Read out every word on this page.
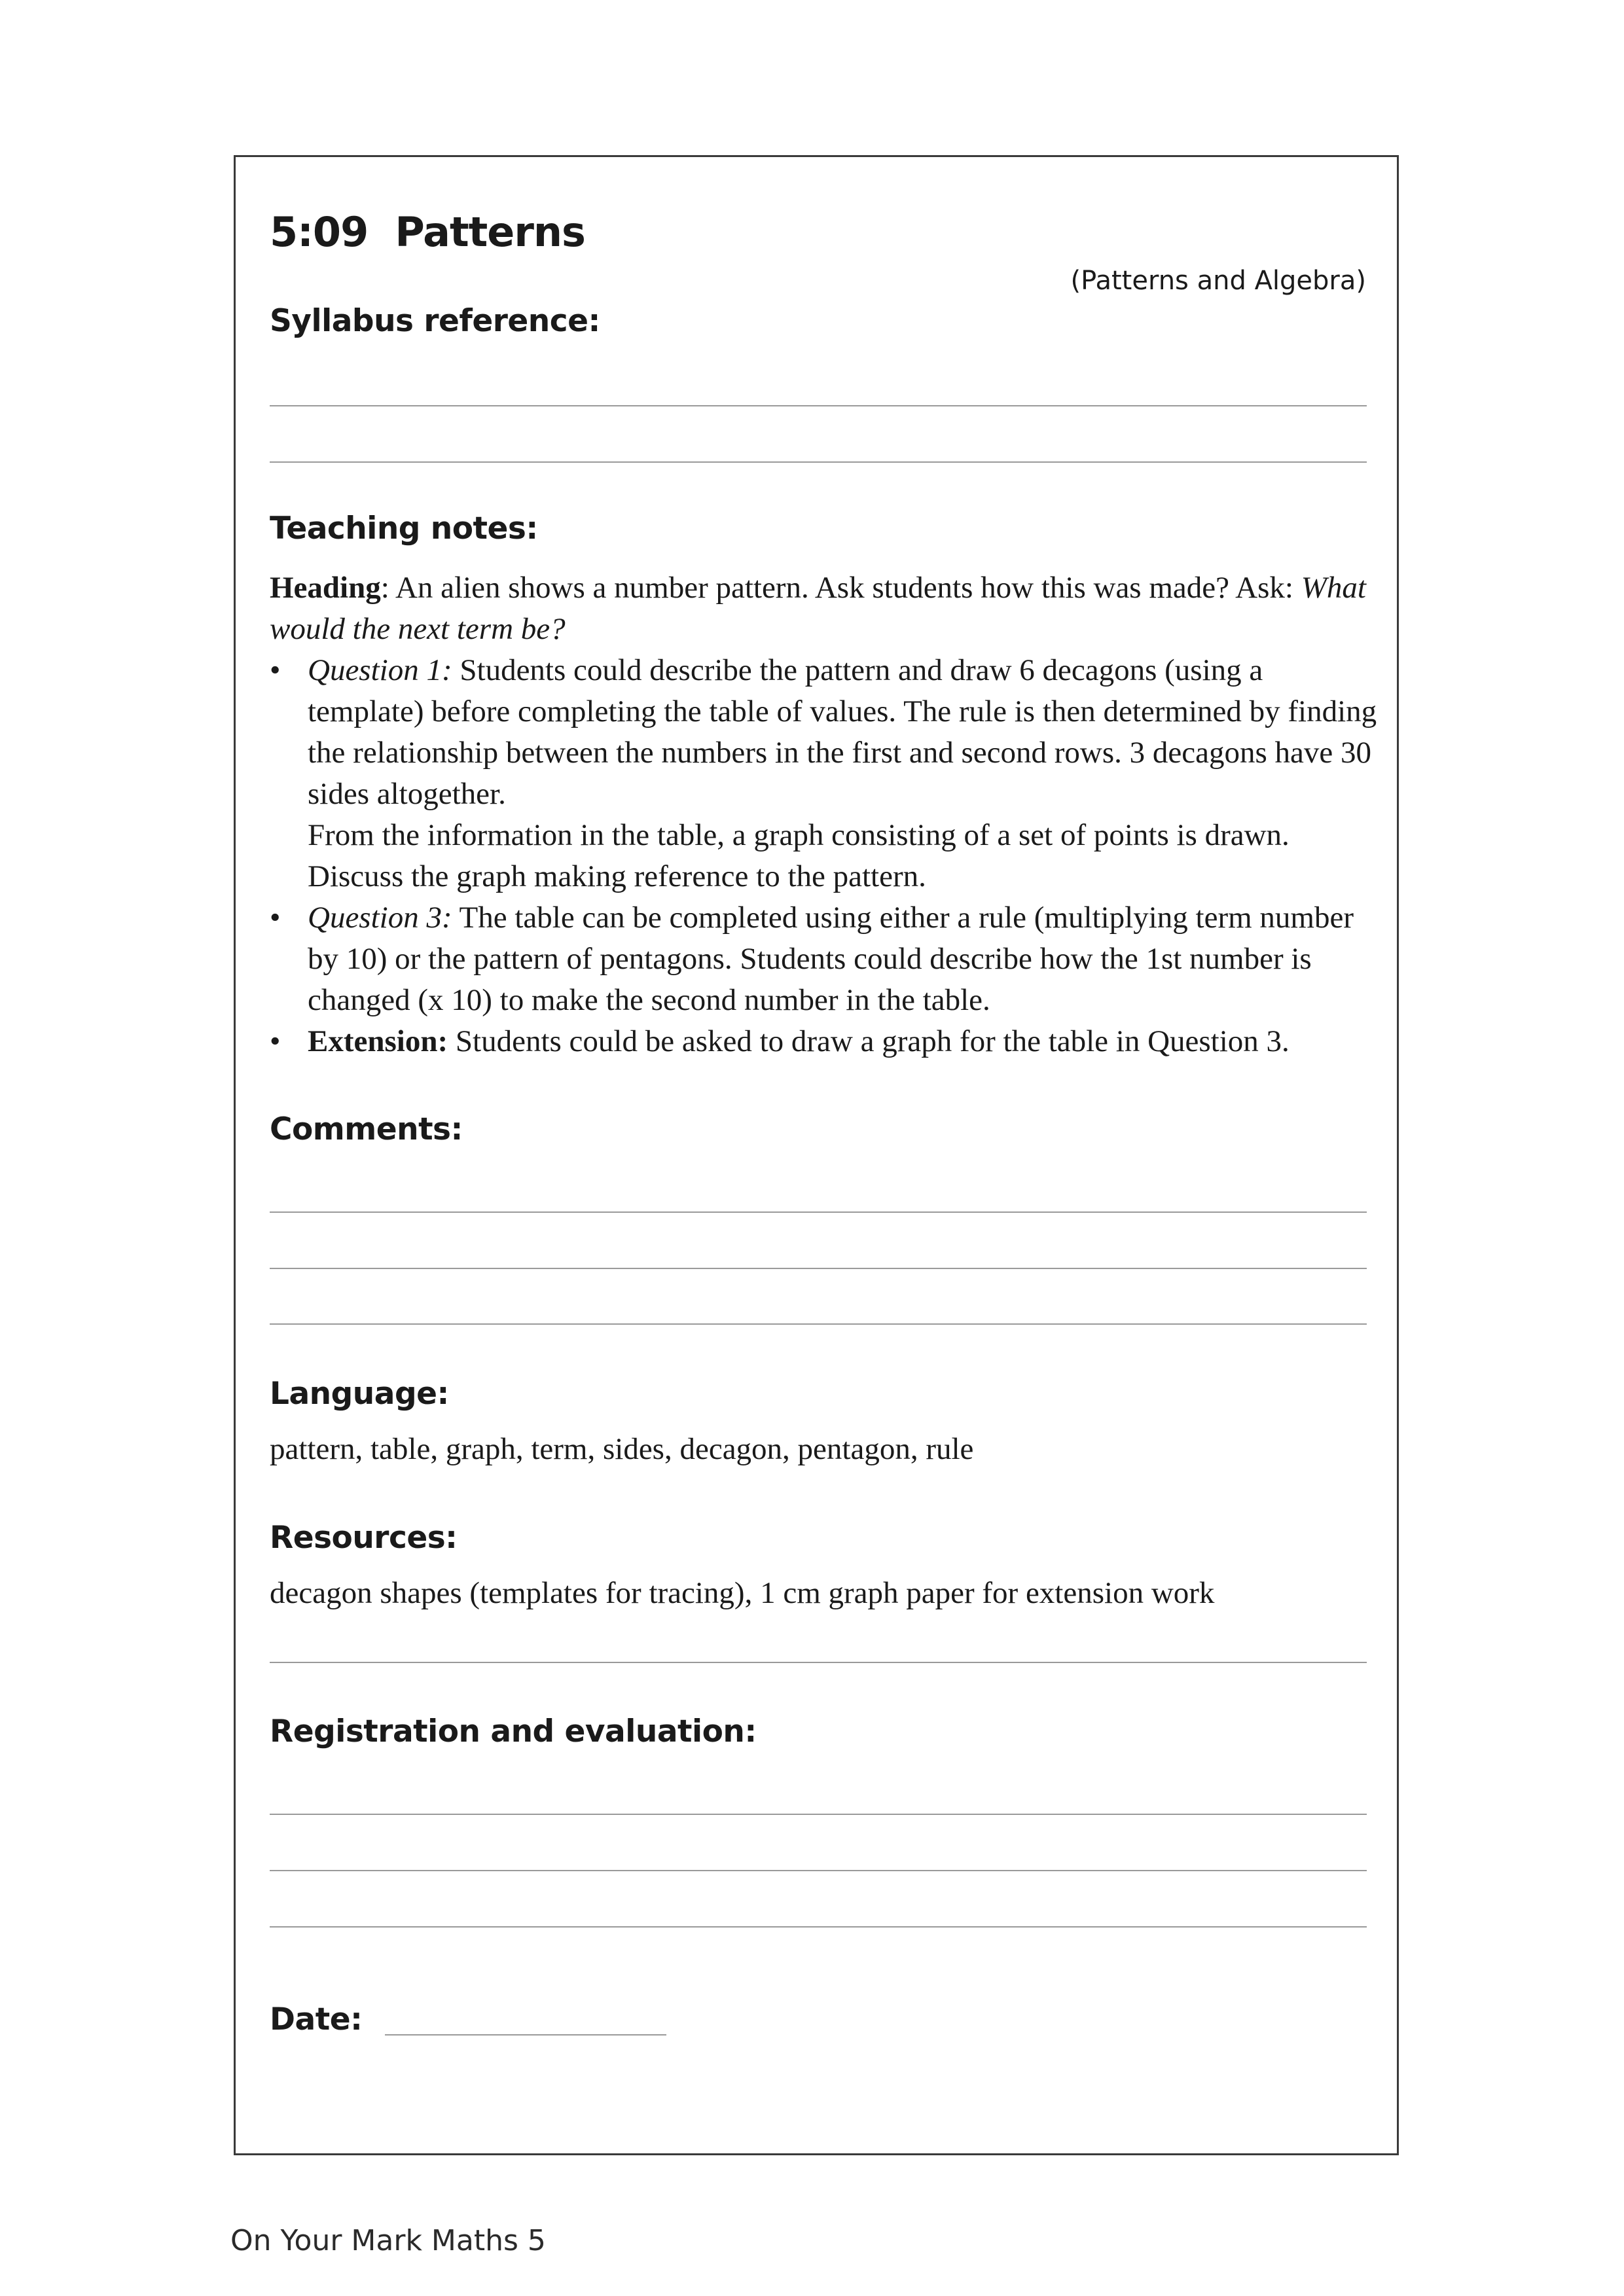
5:09  Patterns
(Patterns and Algebra)
Syllabus reference:
Teaching notes:

Heading: An alien shows a number pattern. Ask students how this was made? Ask: What would the next term be?

• Question 1: Students could describe the pattern and draw 6 decagons (using a template) before completing the table of values. The rule is then determined by finding the relationship between the numbers in the first and second rows. 3 decagons have 30 sides altogether.
From the information in the table, a graph consisting of a set of points is drawn. Discuss the graph making reference to the pattern.
• Question 3: The table can be completed using either a rule (multiplying term number by 10) or the pattern of pentagons. Students could describe how the 1st number is changed (x 10) to make the second number in the table.
• Extension: Students could be asked to draw a graph for the table in Question 3.
Comments:
Language:
pattern, table, graph, term, sides, decagon, pentagon, rule
Resources:
decagon shapes (templates for tracing), 1 cm graph paper for extension work
Registration and evaluation:
Date:
On Your Mark Maths 5
